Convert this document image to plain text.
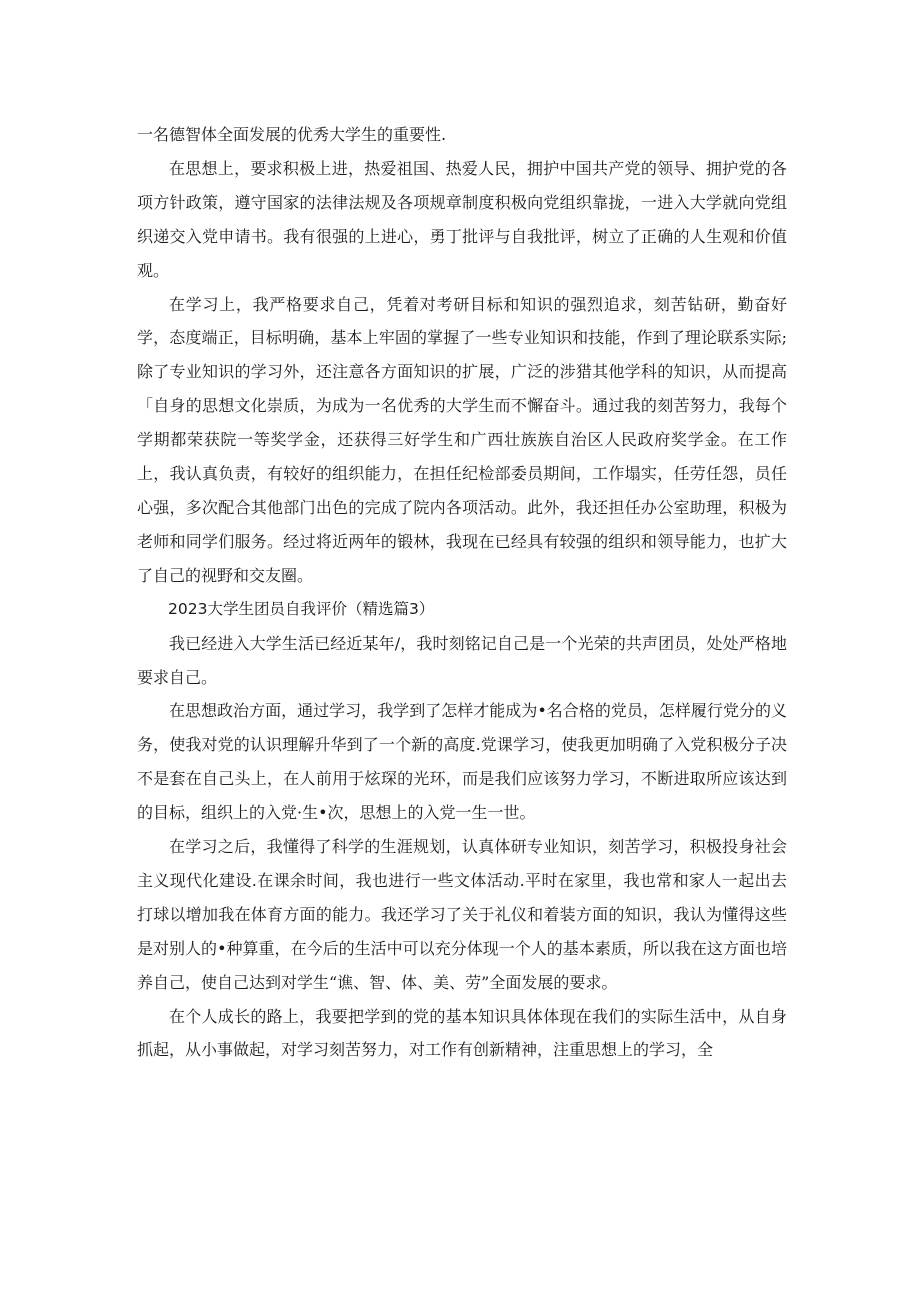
一名德智体全面发展的优秀大学生的重要性.

在思想上，要求积极上进，热爱祖国、热爱人民，拥护中国共产党的领导、拥护党的各项方针政策，遵守国家的法律法规及各项规章制度积极向党组织靠拢，一进入大学就向党组织递交入党申请书。我有很强的上进心，勇丁批评与自我批评，树立了正确的人生观和价值观。

在学习上，我严格要求自己，凭着对考研目标和知识的强烈追求，刻苦钻研，勤奋好学，态度端正，目标明确，基本上牢固的掌握了一些专业知识和技能，作到了理论联系实际;除了专业知识的学习外，还注意各方面知识的扩展，广泛的涉猎其他学科的知识，从而提高「自身的思想文化崇质，为成为一名优秀的大学生而不懈奋斗。通过我的刻苦努力，我每个学期都荣获院一等奖学金，还获得三好学生和广西壮族族自治区人民政府奖学金。在工作上，我认真负责，有较好的组织能力，在担任纪检部委员期间，工作塌实，任劳任怨，员任心强，多次配合其他部门出色的完成了院内各项活动。此外，我还担任办公室助理，积极为老师和同学们服务。经过将近两年的锻林，我现在已经具有较强的组织和领导能力，也扩大了自己的视野和交友圈。

2023大学生团员自我评价（精选篇3）

我已经进入大学生活已经近某年/，我时刻铭记自己是一个光荣的共声团员，处处严格地要求自己。

在思想政治方面，通过学习，我学到了怎样才能成为•名合格的党员，怎样履行党分的义务，使我对党的认识理解升华到了一个新的高度.党课学习，使我更加明确了入党积极分子决不是套在自己头上，在人前用于炫琛的光环，而是我们应该努力学习，不断进取所应该达到的目标，组织上的入党·生•次，思想上的入党一生一世。

在学习之后，我懂得了科学的生涯规划，认真体研专业知识，刻苦学习，积极投身社会主义现代化建设.在课余时间，我也进行一些文体活动.平时在家里，我也常和家人一起出去打球以增加我在体育方面的能力。我还学习了关于礼仪和着装方面的知识，我认为懂得这些是对别人的•种算重，在今后的生活中可以充分体现一个人的基本素质，所以我在这方面也培养自己，使自己达到对学生“谯、智、体、美、劳”全面发展的要求。

在个人成长的路上，我要把学到的党的基本知识具体体现在我们的实际生活中，从自身抓起，从小事做起，对学习刻苦努力，对工作有创新精神，注重思想上的学习，全
